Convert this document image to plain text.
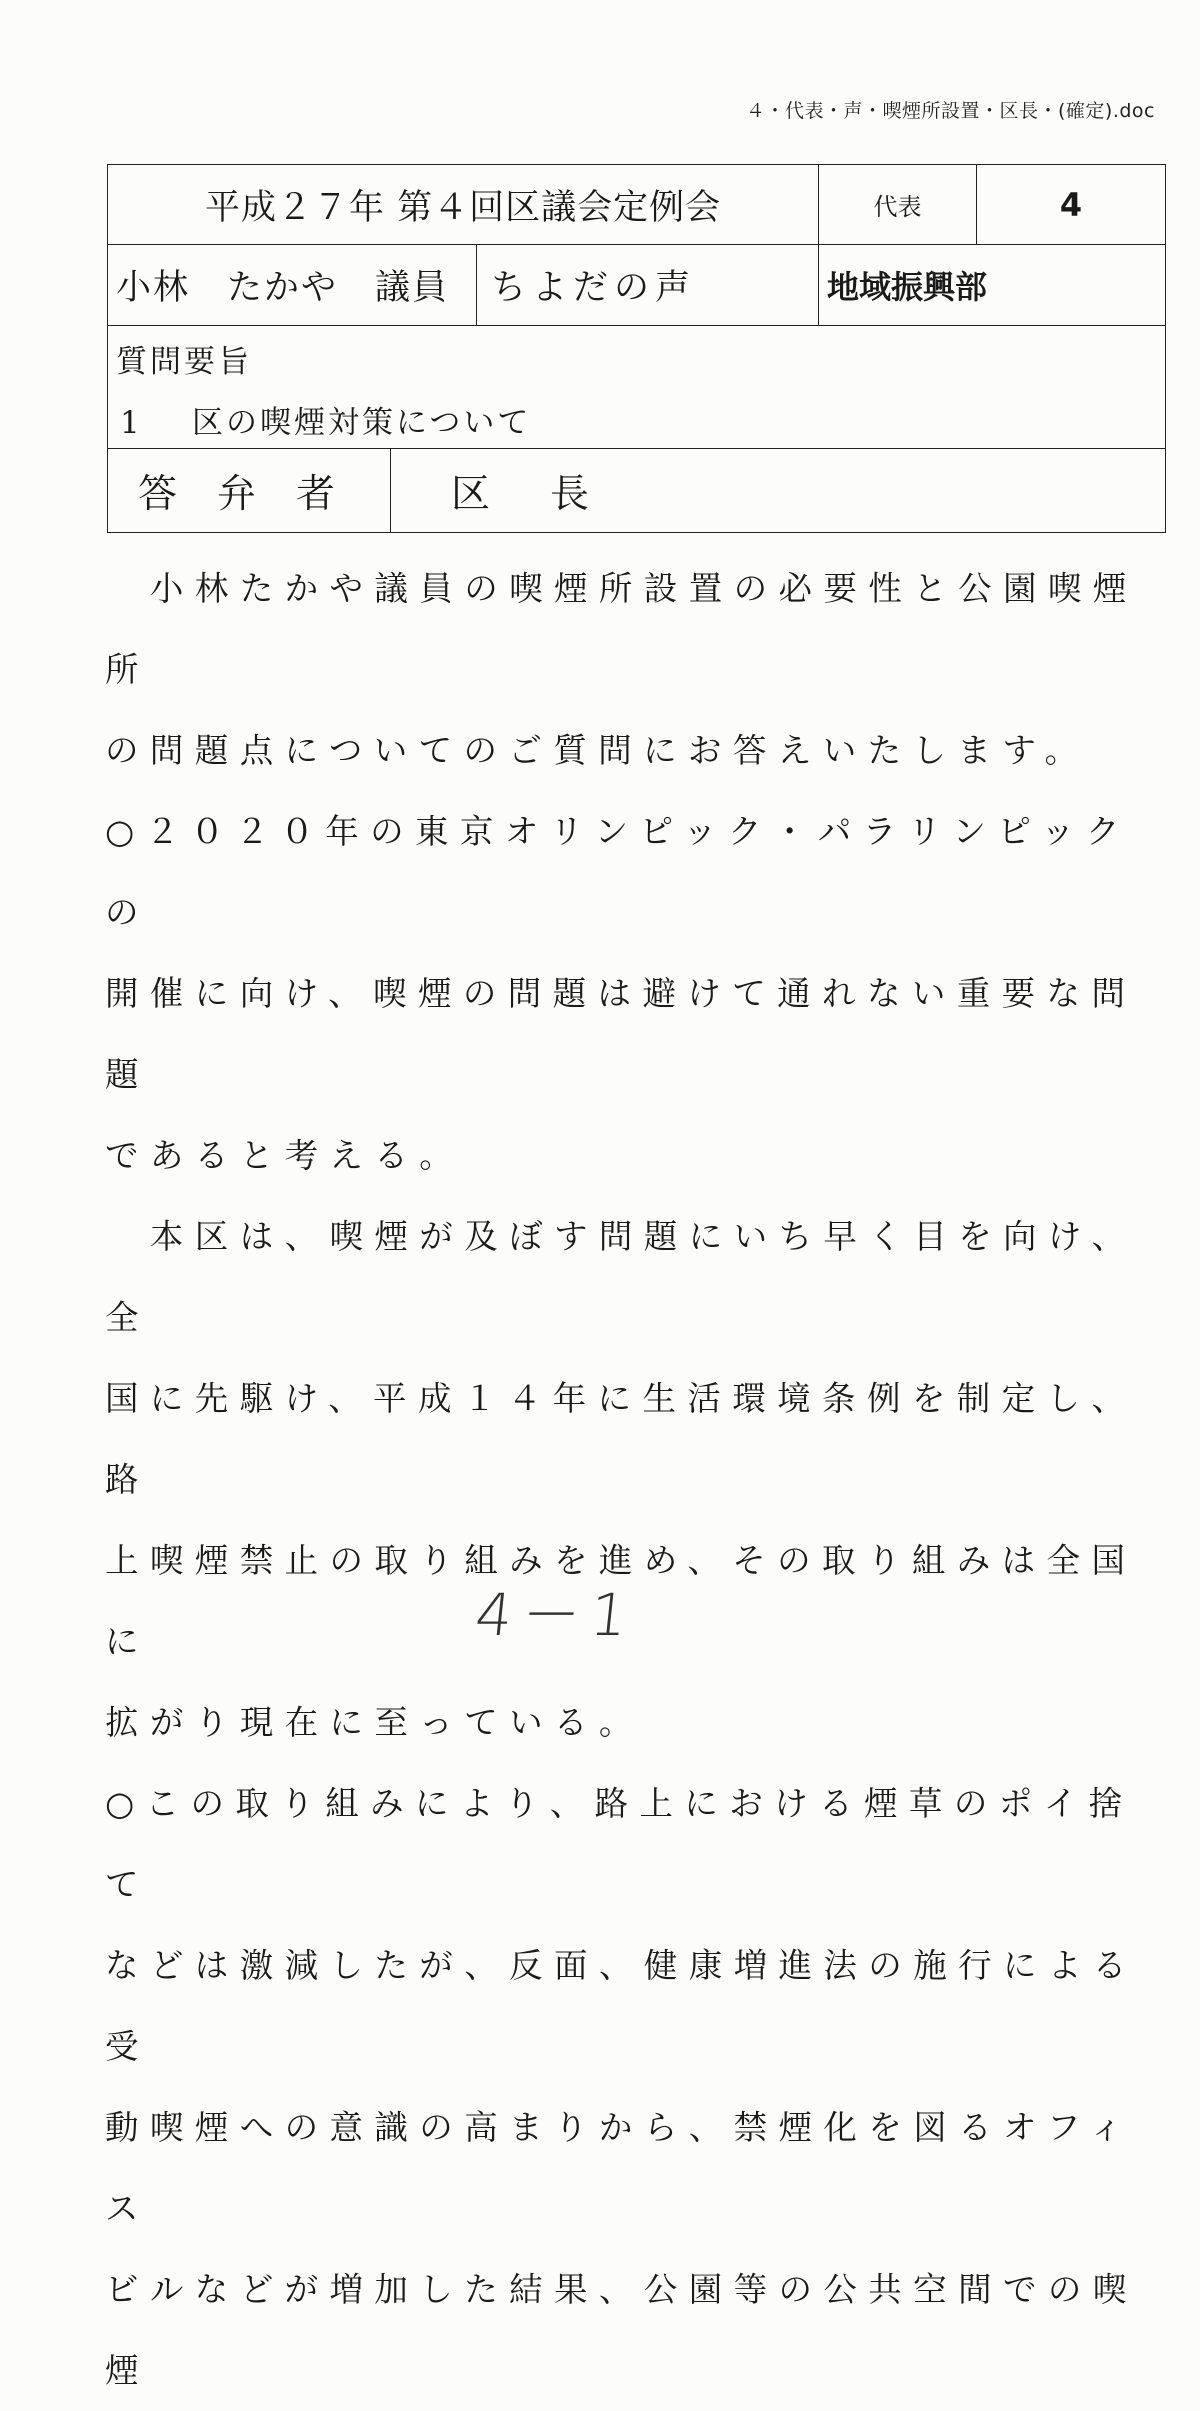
４・代表・声・喫煙所設置・区長・(確定).doc
平成２７年 第４回区議会定例会			代表	4
小林　たかや　議員		ちよだの声	地域振興部	

質問要旨
1 区の喫煙対策について				

答弁者	区長			

　小林たかや議員の喫煙所設置の必要性と公園喫煙所
の問題点についてのご質問にお答えいたします。
○２０２０年の東京オリンピック・パラリンピックの
開催に向け、喫煙の問題は避けて通れない重要な問題
であると考える。
　本区は、喫煙が及ぼす問題にいち早く目を向け、全
国に先駆け、平成１４年に生活環境条例を制定し、路
上喫煙禁止の取り組みを進め、その取り組みは全国に
拡がり現在に至っている。
○この取り組みにより、路上における煙草のポイ捨て
などは激減したが、反面、健康増進法の施行による受
動喫煙への意識の高まりから、禁煙化を図るオフィス
ビルなどが増加した結果、公園等の公共空間での喫煙

4－1
